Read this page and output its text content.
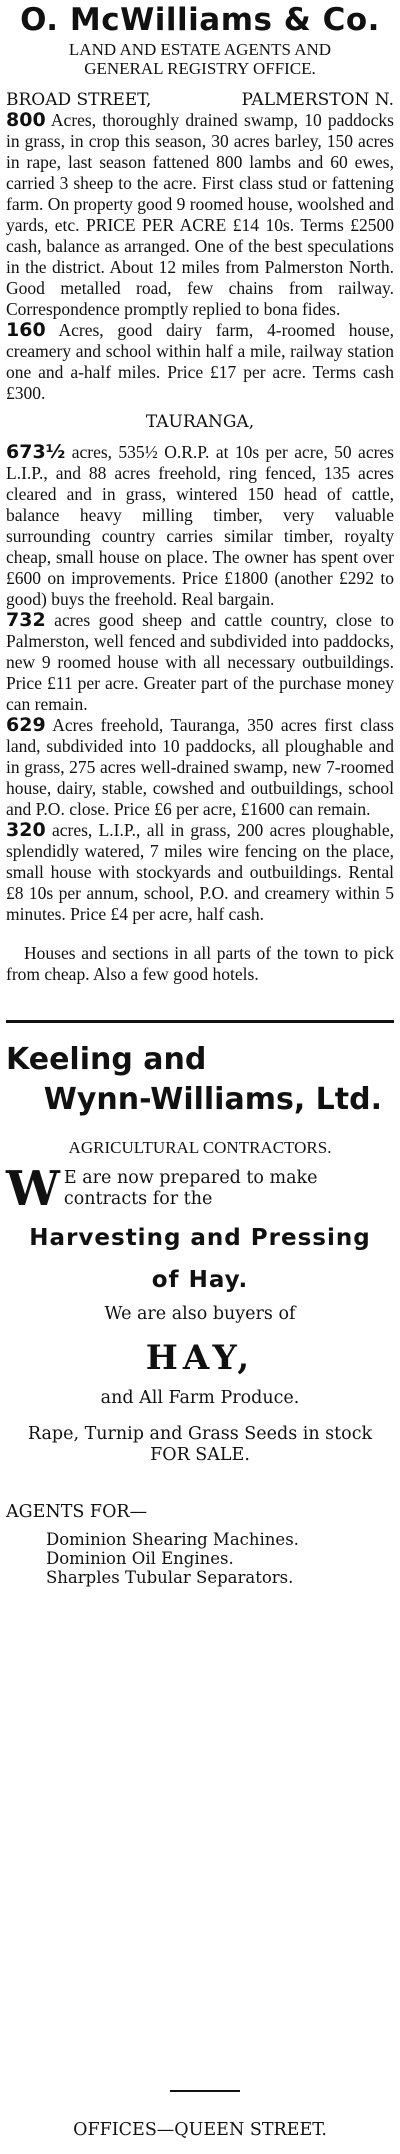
O. McWilliams & Co.
LAND AND ESTATE AGENTS AND
GENERAL REGISTRY OFFICE.
BROAD STREET,	PALMERSTON N.

800 Acres, thoroughly drained swamp, 10 paddocks in grass, in crop this season, 30 acres barley, 150 acres in rape, last season fattened 800 lambs and 60 ewes, carried 3 sheep to the acre. First class stud or fattening farm. On property good 9 roomed house, woolshed and yards, etc. PRICE PER ACRE £14 10s. Terms £2500 cash, balance as arranged. One of the best speculations in the district. About 12 miles from Palmerston North. Good metalled road, few chains from railway. Correspondence promptly replied to bona fides.

160 Acres, good dairy farm, 4-roomed house, creamery and school within half a mile, railway station one and a-half miles. Price £17 per acre. Terms cash £300.

TAURANGA,

673½ acres, 535½ O.R.P. at 10s per acre, 50 acres L.I.P., and 88 acres freehold, ring fenced, 135 acres cleared and in grass, wintered 150 head of cattle, balance heavy milling timber, very valuable surrounding country carries similar timber, royalty cheap, small house on place. The owner has spent over £600 on improvements. Price £1800 (another £292 to good) buys the freehold. Real bargain.

732 acres good sheep and cattle country, close to Palmerston, well fenced and subdivided into paddocks, new 9 roomed house with all necessary outbuildings. Price £11 per acre. Greater part of the purchase money can remain.

629 Acres freehold, Tauranga, 350 acres first class land, subdivided into 10 paddocks, all ploughable and in grass, 275 acres well-drained swamp, new 7-roomed house, dairy, stable, cowshed and outbuildings, school and P.O. close. Price £6 per acre, £1600 can remain.

320 acres, L.I.P., all in grass, 200 acres ploughable, splendidly watered, 7 miles wire fencing on the place, small house with stockyards and outbuildings. Rental £8 10s per annum, school, P.O. and creamery within 5 minutes. Price £4 per acre, half cash.

Houses and sections in all parts of the town to pick from cheap. Also a few good hotels.
Keeling and
Wynn-Williams, Ltd.
AGRICULTURAL CONTRACTORS.
W E are now prepared to make contracts for the
Harvesting and Pressing
of Hay.
We are also buyers of
HAY,
and All Farm Produce.
Rape, Turnip and Grass Seeds in stock
FOR SALE.
AGENTS FOR—
Dominion Shearing Machines.
Dominion Oil Engines.
Sharples Tubular Separators.
OFFICES—QUEEN STREET.
